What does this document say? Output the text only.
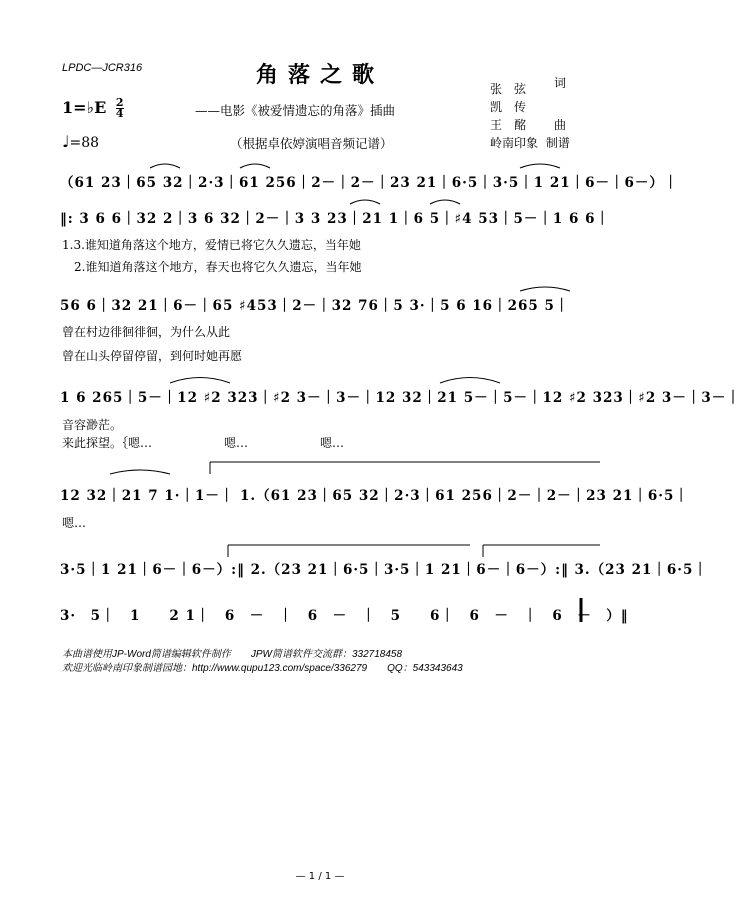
LPDC—JCR316	角落之歌
——电影《被爱情遗忘的角落》插曲
（根据卓依婷演唱音频记谱）
张　弦 词
凯　传
王　酩 曲
岭南印象 制谱
1=♭E $\frac{2}{4}$
♩=88
（61 23｜65 32｜2·3｜61 256｜2－｜2－｜23 21｜6·5｜3·5｜1 21｜6－｜6－）｜
‖: 3 6 6｜32 2｜3 6 32｜2－｜3 3 23｜21 1｜6 5｜♯4 53｜5－｜1 6 6｜
1.3.谁知道角落这个地方，爱情已将它久久遗忘，当年她
　2.谁知道角落这个地方，春天也将它久久遗忘，当年她
56 6｜32 21｜6－｜65 ♯453｜2－｜32 76｜5 3·｜5 6 16｜265 5｜
曾在村边徘徊徘徊，为什么从此
曾在山头停留停留，到何时她再愿
1 6 265｜5－｜12 ♯2 323｜♯2 3－｜3－｜12 32｜21 5－｜5－｜12 ♯2 323｜♯2 3－｜3－｜
音容渺茫。
来此探望。｛嗯…　　　　　　嗯…　　　　　　嗯…
12 32｜21 7 1·｜1－｜ 1.（61 23｜65 32｜2·3｜61 256｜2－｜2－｜23 21｜6·5｜
嗯…
3·5｜1 21｜6－｜6－）:‖ 2.（23 21｜6·5｜3·5｜1 21｜6－｜6－）:‖ 3.（23 21｜6·5｜
3·　5｜　1　　2 1｜　6　－　｜　6　－　｜　5　　6｜　6　－　｜　6　－　）‖
本曲谱使用JP-Word简谱编辑软件制作　　JPW简谱软件交流群：332718458
欢迎光临岭南印象制谱园地：http://www.qupu123.com/space/336279　　QQ：543343643
— 1 / 1 —
